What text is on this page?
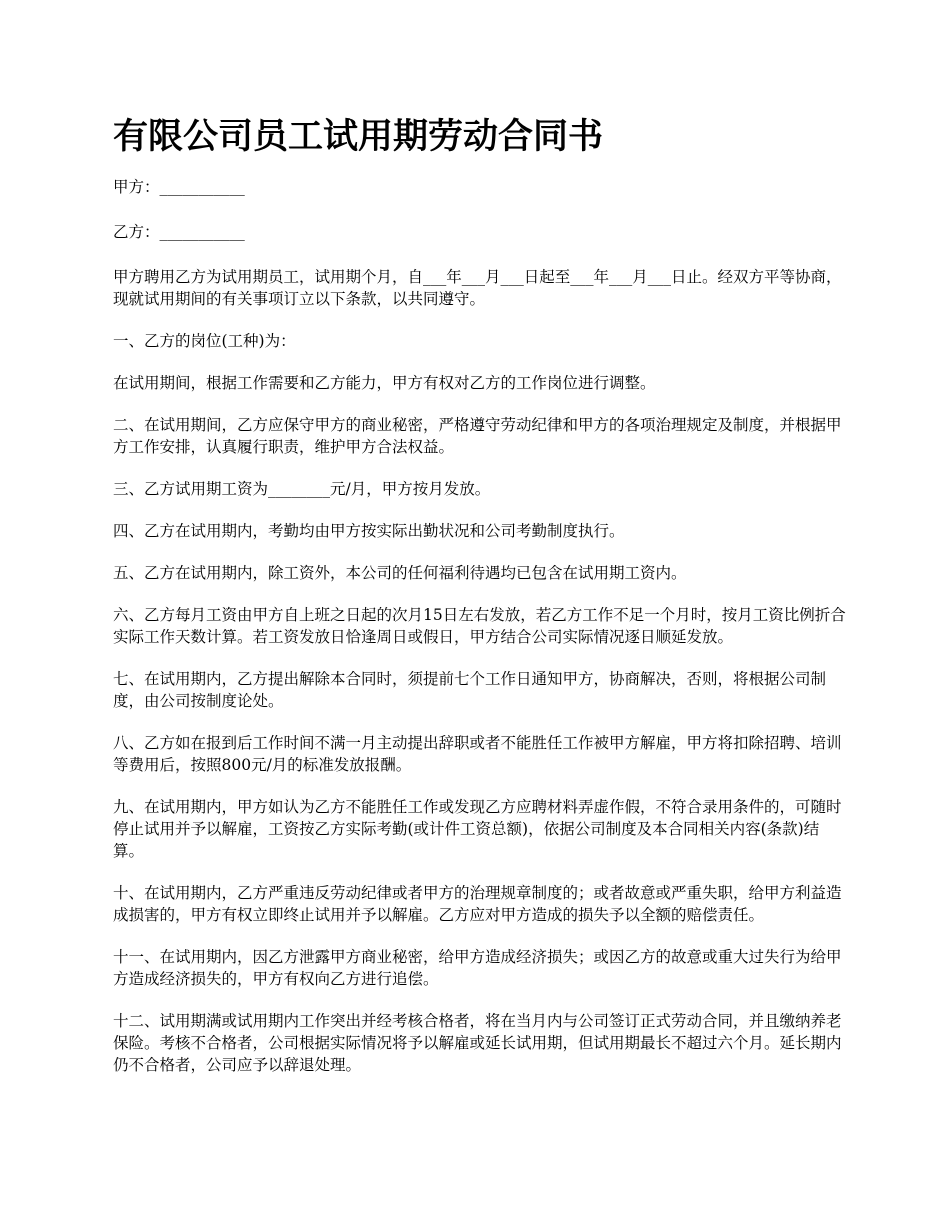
有限公司员工试用期劳动合同书

甲方：___________

乙方：___________

甲方聘用乙方为试用期员工，试用期个月，自___年___月___日起至___年___月___日止。经双方平等协商，现就试用期间的有关事项订立以下条款，以共同遵守。

一、乙方的岗位(工种)为：

在试用期间，根据工作需要和乙方能力，甲方有权对乙方的工作岗位进行调整。

二、在试用期间，乙方应保守甲方的商业秘密，严格遵守劳动纪律和甲方的各项治理规定及制度，并根据甲方工作安排，认真履行职责，维护甲方合法权益。

三、乙方试用期工资为________元/月，甲方按月发放。

四、乙方在试用期内，考勤均由甲方按实际出勤状况和公司考勤制度执行。

五、乙方在试用期内，除工资外，本公司的任何福利待遇均已包含在试用期工资内。

六、乙方每月工资由甲方自上班之日起的次月15日左右发放，若乙方工作不足一个月时，按月工资比例折合实际工作天数计算。若工资发放日恰逢周日或假日，甲方结合公司实际情况逐日顺延发放。

七、在试用期内，乙方提出解除本合同时，须提前七个工作日通知甲方，协商解决，否则，将根据公司制度，由公司按制度论处。

八、乙方如在报到后工作时间不满一月主动提出辞职或者不能胜任工作被甲方解雇，甲方将扣除招聘、培训等费用后，按照800元/月的标准发放报酬。

九、在试用期内，甲方如认为乙方不能胜任工作或发现乙方应聘材料弄虚作假，不符合录用条件的，可随时停止试用并予以解雇，工资按乙方实际考勤(或计件工资总额)，依据公司制度及本合同相关内容(条款)结算。

十、在试用期内，乙方严重违反劳动纪律或者甲方的治理规章制度的；或者故意或严重失职，给甲方利益造成损害的，甲方有权立即终止试用并予以解雇。乙方应对甲方造成的损失予以全额的赔偿责任。

十一、在试用期内，因乙方泄露甲方商业秘密，给甲方造成经济损失；或因乙方的故意或重大过失行为给甲方造成经济损失的，甲方有权向乙方进行追偿。

十二、试用期满或试用期内工作突出并经考核合格者，将在当月内与公司签订正式劳动合同，并且缴纳养老保险。考核不合格者，公司根据实际情况将予以解雇或延长试用期，但试用期最长不超过六个月。延长期内仍不合格者，公司应予以辞退处理。
